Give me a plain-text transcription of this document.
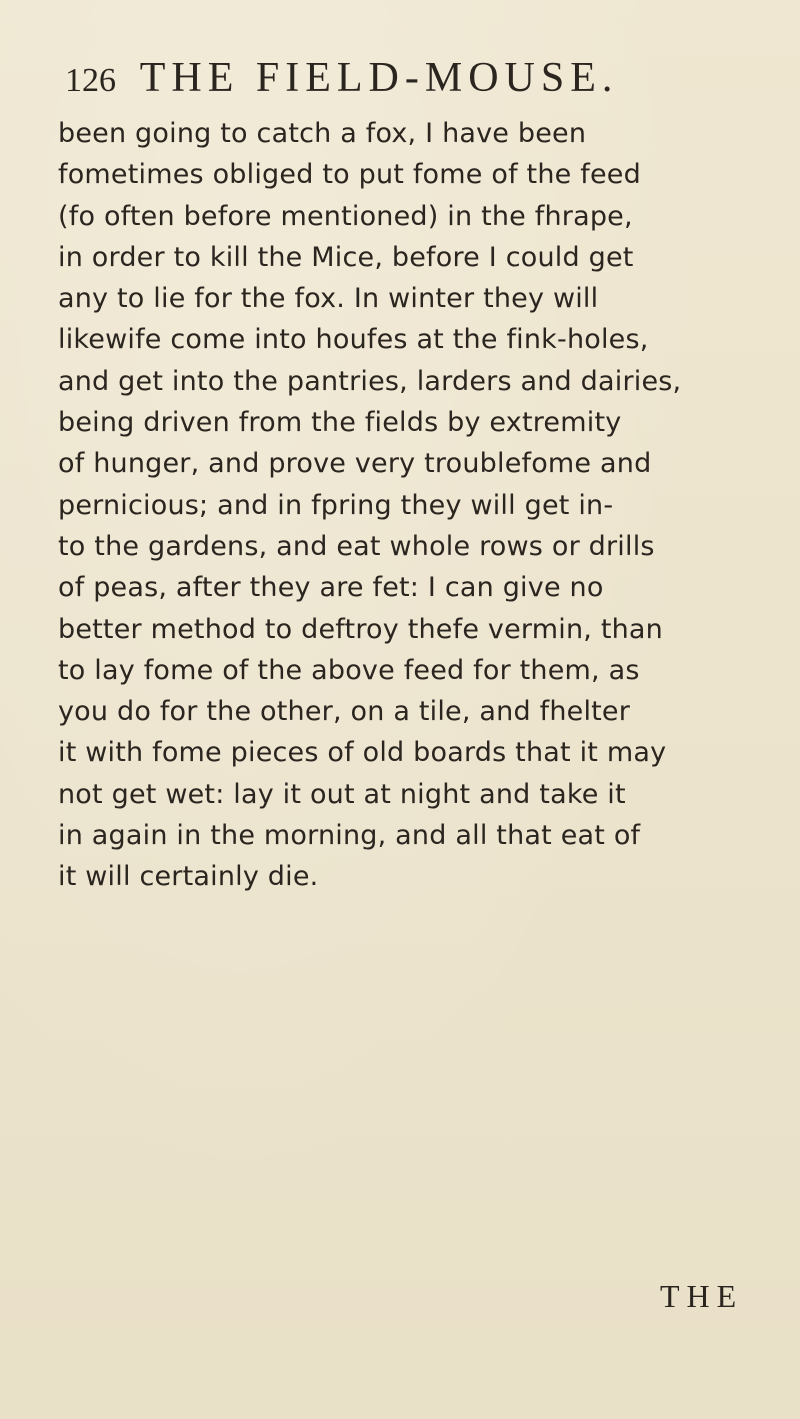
126 THE FIELD-MOUSE.
been going to catch a fox, I have been
fometimes obliged to put fome of the feed
(fo often before mentioned) in the fhrape,
in order to kill the Mice, before I could get
any to lie for the fox. In winter they will
likewife come into houfes at the fink-holes,
and get into the pantries, larders and dairies,
being driven from the fields by extremity
of hunger, and prove very troublefome and
pernicious; and in fpring they will get in-
to the gardens, and eat whole rows or drills
of peas, after they are fet: I can give no
better method to deftroy thefe vermin, than
to lay fome of the above feed for them, as
you do for the other, on a tile, and fhelter
it with fome pieces of old boards that it may
not get wet: lay it out at night and take it
in again in the morning, and all that eat of
it will certainly die.
THE
